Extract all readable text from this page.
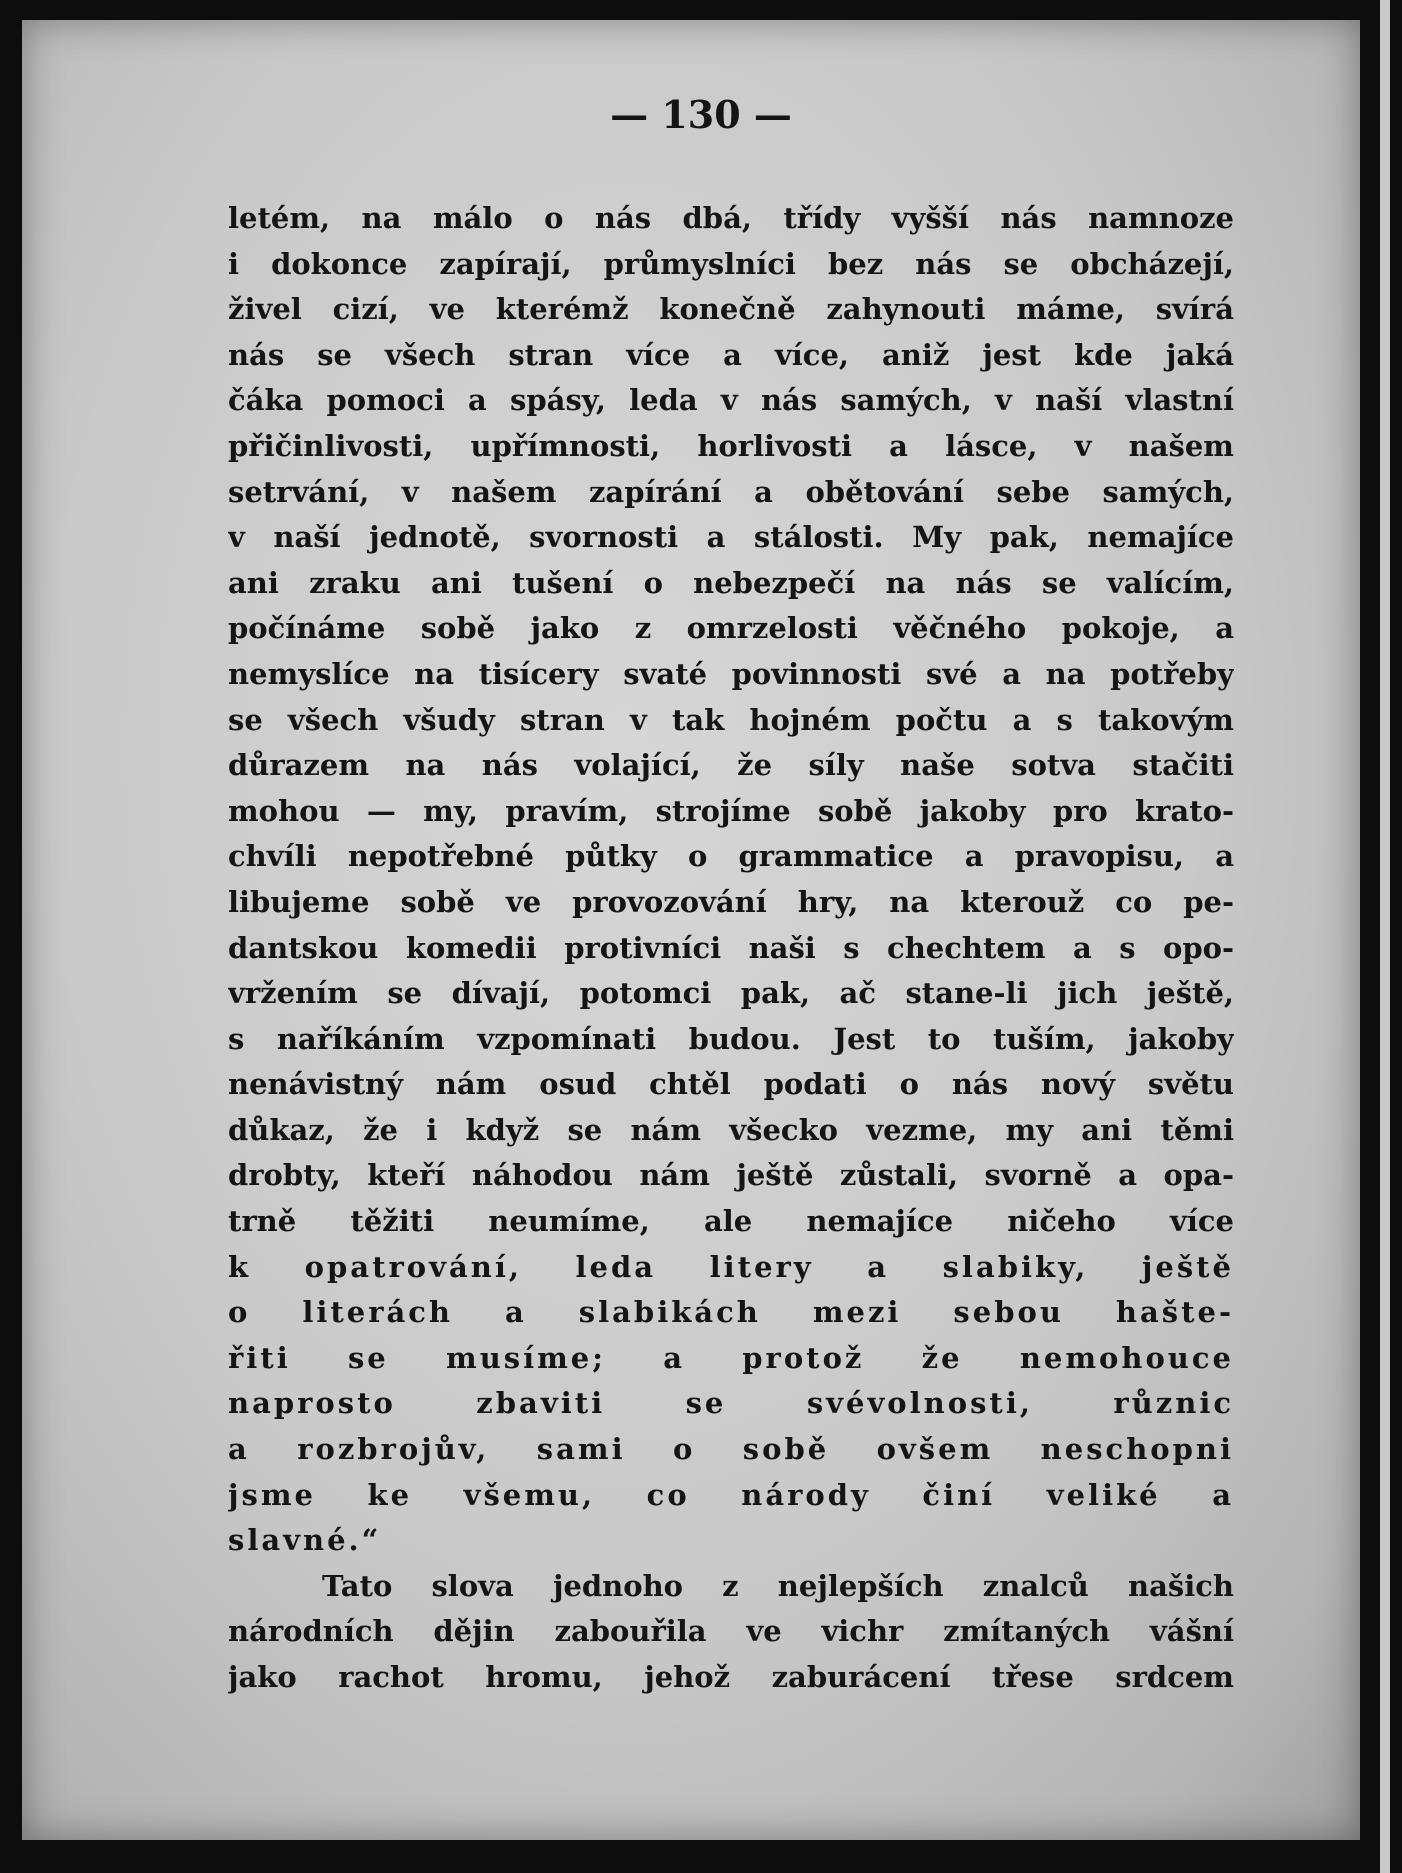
— 130 —
letém, na málo o nás dbá, třídy vyšší nás namnoze
i dokonce zapírají, průmyslníci bez nás se obcházejí,
živel cizí, ve kterémž konečně zahynouti máme, svírá
nás se všech stran více a více, aniž jest kde jaká
čáka pomoci a spásy, leda v nás samých, v naší vlastní
přičinlivosti, upřímnosti, horlivosti a lásce, v našem
setrvání, v našem zapírání a obětování sebe samých,
v naší jednotě, svornosti a stálosti. My pak, nemajíce
ani zraku ani tušení o nebezpečí na nás se valícím,
počínáme sobě jako z omrzelosti věčného pokoje, a
nemyslíce na tisícery svaté povinnosti své a na potřeby
se všech všudy stran v tak hojném počtu a s takovým
důrazem na nás volající, že síly naše sotva stačiti
mohou — my, pravím, strojíme sobě jakoby pro krato-
chvíli nepotřebné půtky o grammatice a pravopisu, a
libujeme sobě ve provozování hry, na kterouž co pe-
dantskou komedii protivníci naši s chechtem a s opo-
vržením se dívají, potomci pak, ač stane-li jich ještě,
s naříkáním vzpomínati budou. Jest to tuším, jakoby
nenávistný nám osud chtěl podati o nás nový světu
důkaz, že i když se nám všecko vezme, my ani těmi
drobty, kteří náhodou nám ještě zůstali, svorně a opa-
trně těžiti neumíme, ale nemajíce ničeho více
k opatrování, leda litery a slabiky, ještě
o literách a slabikách mezi sebou hašte-
řiti se musíme; a protož že nemohouce
naprosto zbaviti se svévolnosti, různic
a rozbrojův, sami o sobě ovšem neschopni
jsme ke všemu, co národy činí veliké a
slavné.“
Tato slova jednoho z nejlepších znalců našich
národních dějin zabouřila ve vichr zmítaných vášní
jako rachot hromu, jehož zaburácení třese srdcem
